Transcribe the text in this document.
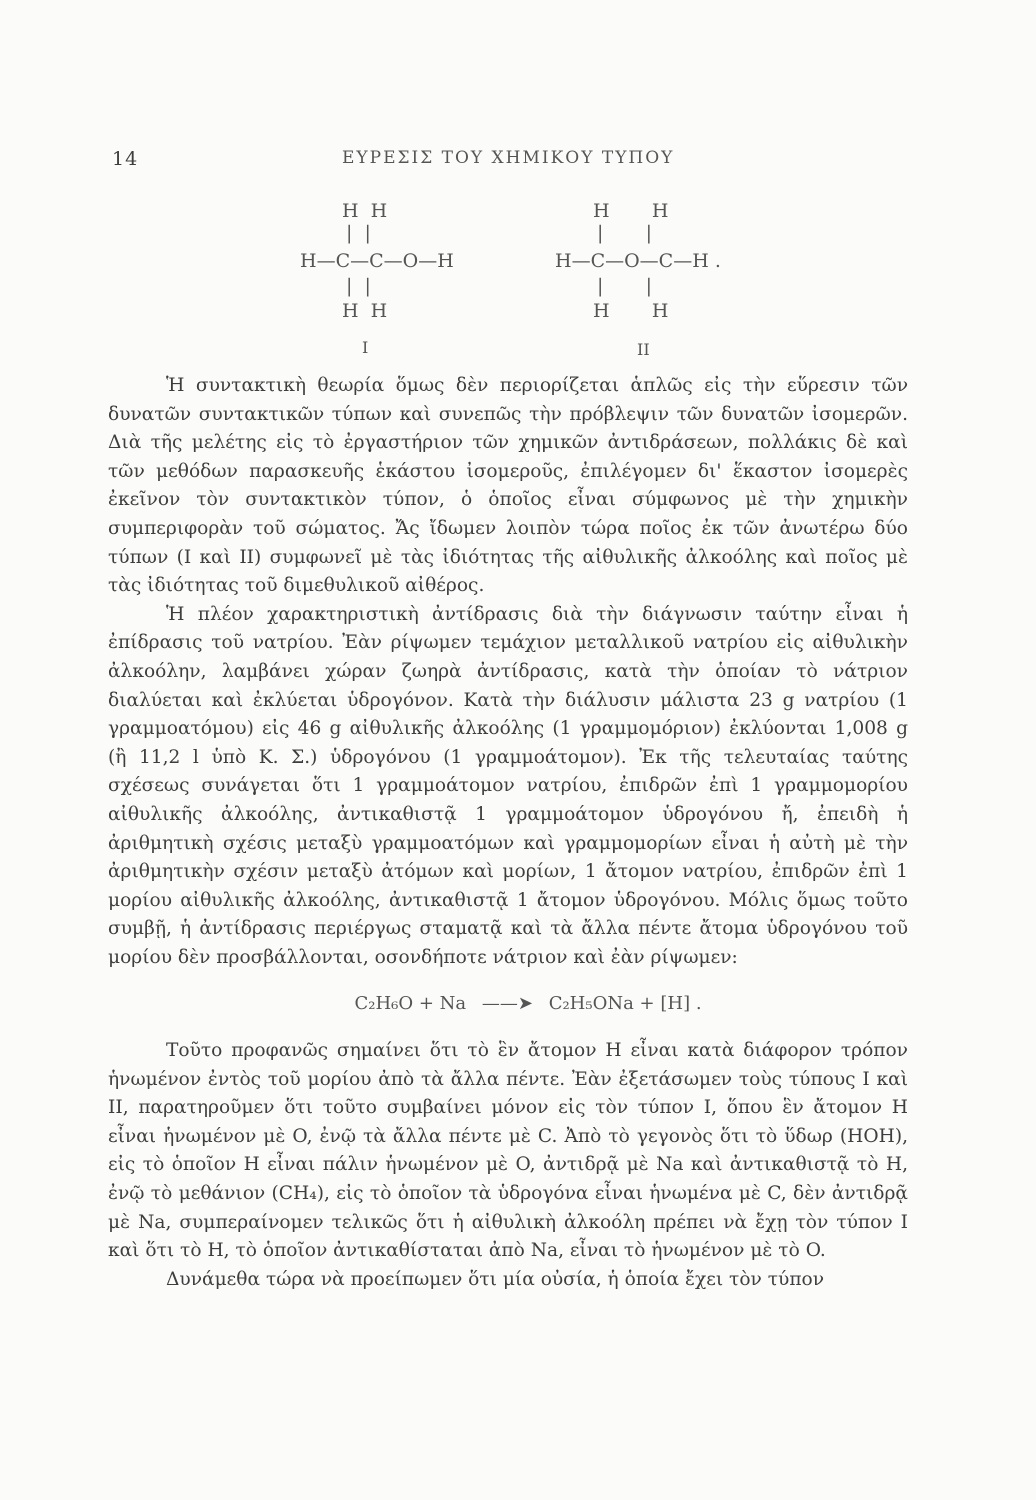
14	ΕΥΡΕΣΙΣ ΤΟΥ ΧΗΜΙΚΟΥ ΤΥΠΟΥ
H  H
|  |
H—C—C—O—H
|  |
H  H
I
H       H
|       |
H—C—O—C—H .
|       |
H       H
II

Ἡ συντακτικὴ θεωρία ὅμως δὲν περιορίζεται ἁπλῶς εἰς τὴν εὕρεσιν τῶν δυνατῶν συντακτικῶν τύπων καὶ συνεπῶς τὴν πρόβλεψιν τῶν δυνατῶν ἰσομερῶν. Διὰ τῆς μελέτης εἰς τὸ ἐργαστήριον τῶν χημικῶν ἀντιδράσεων, πολλάκις δὲ καὶ τῶν μεθόδων παρασκευῆς ἑκάστου ἰσομεροῦς, ἐπιλέγομεν δι' ἕκαστον ἰσομερὲς ἐκεῖνον τὸν συντακτικὸν τύπον, ὁ ὁποῖος εἶναι σύμφωνος μὲ τὴν χημικὴν συμπεριφορὰν τοῦ σώματος. Ἄς ἴδωμεν λοιπὸν τώρα ποῖος ἐκ τῶν ἀνωτέρω δύο τύπων (I καὶ II) συμφωνεῖ μὲ τὰς ἰδιότητας τῆς αἰθυλικῆς ἀλκοόλης καὶ ποῖος μὲ τὰς ἰδιότητας τοῦ διμεθυλικοῦ αἰθέρος.

Ἡ πλέον χαρακτηριστικὴ ἀντίδρασις διὰ τὴν διάγνωσιν ταύτην εἶναι ἡ ἐπίδρασις τοῦ νατρίου. Ἐὰν ρίψωμεν τεμάχιον μεταλλικοῦ νατρίου εἰς αἰθυλικὴν ἀλκοόλην, λαμβάνει χώραν ζωηρὰ ἀντίδρασις, κατὰ τὴν ὁποίαν τὸ νάτριον διαλύεται καὶ ἐκλύεται ὑδρογόνον. Κατὰ τὴν διάλυσιν μάλιστα 23 g νατρίου (1 γραμμοατόμου) εἰς 46 g αἰθυλικῆς ἀλκοόλης (1 γραμμομόριον) ἐκλύονται 1,008 g (ἢ 11,2 l ὑπὸ Κ. Σ.) ὑδρογόνου (1 γραμμοάτομον). Ἐκ τῆς τελευταίας ταύτης σχέσεως συνάγεται ὅτι 1 γραμμοάτομον νατρίου, ἐπιδρῶν ἐπὶ 1 γραμμομορίου αἰθυλικῆς ἀλκοόλης, ἀντικαθιστᾷ 1 γραμμοάτομον ὑδρογόνου ἤ, ἐπειδὴ ἡ ἀριθμητικὴ σχέσις μεταξὺ γραμμοατόμων καὶ γραμμομορίων εἶναι ἡ αὐτὴ μὲ τὴν ἀριθμητικὴν σχέσιν μεταξὺ ἀτόμων καὶ μορίων, 1 ἄτομον νατρίου, ἐπιδρῶν ἐπὶ 1 μορίου αἰθυλικῆς ἀλκοόλης, ἀντικαθιστᾷ 1 ἄτομον ὑδρογόνου. Μόλις ὅμως τοῦτο συμβῇ, ἡ ἀντίδρασις περιέργως σταματᾷ καὶ τὰ ἄλλα πέντε ἄτομα ὑδρογόνου τοῦ μορίου δὲν προσβάλλονται, οσονδήποτε νάτριον καὶ ἐὰν ρίψωμεν:

C₂H₆O + Na ——➤ C₂H₅ONa + [H] .

Τοῦτο προφανῶς σημαίνει ὅτι τὸ ἓν ἄτομον H εἶναι κατὰ διάφορον τρόπον ἡνωμένον ἐντὸς τοῦ μορίου ἀπὸ τὰ ἄλλα πέντε. Ἐὰν ἐξετάσωμεν τοὺς τύπους I καὶ II, παρατηροῦμεν ὅτι τοῦτο συμβαίνει μόνον εἰς τὸν τύπον I, ὅπου ἓν ἄτομον H εἶναι ἡνωμένον μὲ O, ἐνῷ τὰ ἄλλα πέντε μὲ C. Ἀπὸ τὸ γεγονὸς ὅτι τὸ ὕδωρ (HOH), εἰς τὸ ὁποῖον H εἶναι πάλιν ἡνωμένον μὲ O, ἀντιδρᾷ μὲ Na καὶ ἀντικαθιστᾷ τὸ H, ἐνῷ τὸ μεθάνιον (CH₄), εἰς τὸ ὁποῖον τὰ ὑδρογόνα εἶναι ἡνωμένα μὲ C, δὲν ἀντιδρᾷ μὲ Na, συμπεραίνομεν τελικῶς ὅτι ἡ αἰθυλικὴ ἀλκοόλη πρέπει νὰ ἔχῃ τὸν τύπον I καὶ ὅτι τὸ H, τὸ ὁποῖον ἀντικαθίσταται ἀπὸ Na, εἶναι τὸ ἡνωμένον μὲ τὸ O.

Δυνάμεθα τώρα νὰ προείπωμεν ὅτι μία οὐσία, ἡ ὁποία ἔχει τὸν τύπον
